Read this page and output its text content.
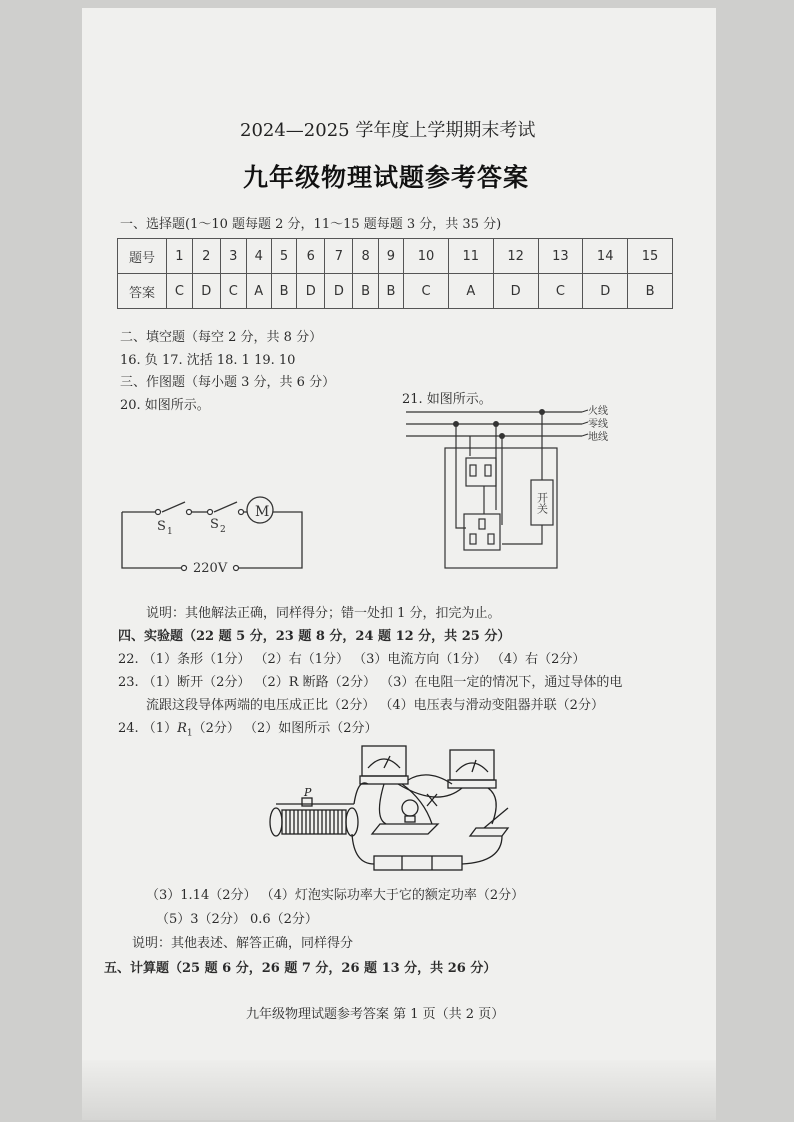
2024—2025 学年度上学期期末考试
九年级物理试题参考答案
一、选择题(1～10 题每题 2 分，11～15 题每题 3 分，共 35 分)
题号	1	2	3	4	5	6	7	8	9	10	11	12	13	14	15
答案	C	D	C	A	B	D	D	B	B	C	A	D	C	D	B
二、填空题（每空 2 分，共 8 分）
16. 负 17. 沈括 18. 1 19. 10
三、作图题（每小题 3 分，共 6 分）
20. 如图所示。	21. 如图所示。
M
S 1	S 2
220V
火线
零线
地线
开关
说明：其他解法正确，同样得分；错一处扣 1 分，扣完为止。
四、实验题（22 题 5 分，23 题 8 分，24 题 12 分，共 25 分）
22. （1）条形（1分） （2）右（1分） （3）电流方向（1分） （4）右（2分）
23. （1）断开（2分） （2）R 断路（2分） （3）在电阻一定的情况下，通过导体的电
流跟这段导体两端的电压成正比（2分） （4）电压表与滑动变阻器并联（2分）
24. $(1)R_1(2$分） （2）如图所示（2分）
P
（3）1.14（2分） （4）灯泡实际功率大于它的额定功率（2分）
（5）3（2分） 0.6（2分）
说明：其他表述、解答正确，同样得分
五、计算题（25 题 6 分，26 题 7 分，26 题 13 分，共 26 分）
九年级物理试题参考答案 第 1 页（共 2 页）
